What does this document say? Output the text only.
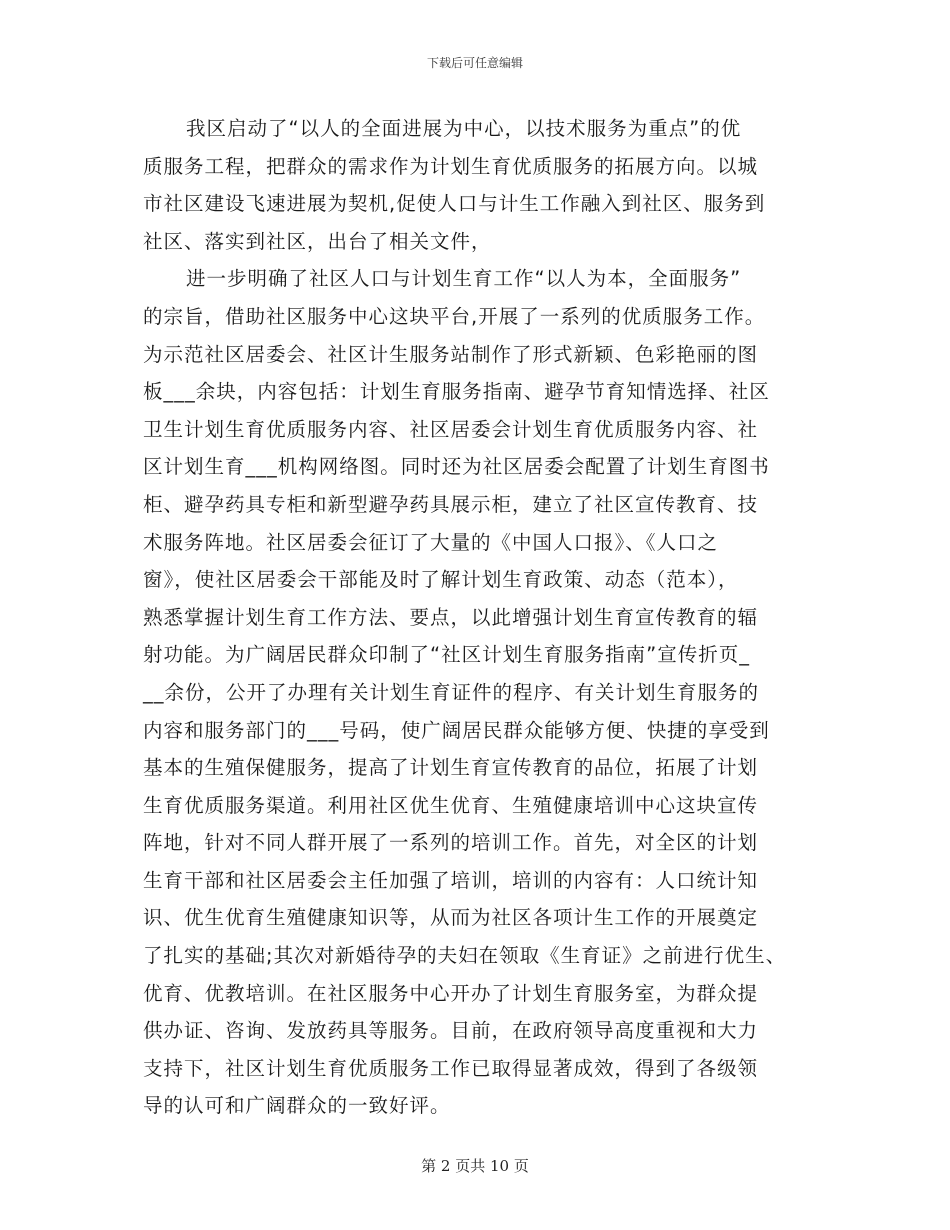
下载后可任意编辑
我区启动了“以人的全面进展为中心，以技术服务为重点”的优
质服务工程，把群众的需求作为计划生育优质服务的拓展方向。以城
市社区建设飞速进展为契机,促使人口与计生工作融入到社区、服务到
社区、落实到社区，出台了相关文件，
进一步明确了社区人口与计划生育工作“以人为本，全面服务”
的宗旨，借助社区服务中心这块平台,开展了一系列的优质服务工作。
为示范社区居委会、社区计生服务站制作了形式新颖、色彩艳丽的图
板___余块，内容包括：计划生育服务指南、避孕节育知情选择、社区
卫生计划生育优质服务内容、社区居委会计划生育优质服务内容、社
区计划生育___机构网络图。同时还为社区居委会配置了计划生育图书
柜、避孕药具专柜和新型避孕药具展示柜，建立了社区宣传教育、技
术服务阵地。社区居委会征订了大量的《中国人口报》、《人口之
窗》，使社区居委会干部能及时了解计划生育政策、动态（范本），
熟悉掌握计划生育工作方法、要点，以此增强计划生育宣传教育的辐
射功能。为广阔居民群众印制了“社区计划生育服务指南”宣传折页_
__余份，公开了办理有关计划生育证件的程序、有关计划生育服务的
内容和服务部门的___号码，使广阔居民群众能够方便、快捷的享受到
基本的生殖保健服务，提高了计划生育宣传教育的品位，拓展了计划
生育优质服务渠道。利用社区优生优育、生殖健康培训中心这块宣传
阵地，针对不同人群开展了一系列的培训工作。首先，对全区的计划
生育干部和社区居委会主任加强了培训，培训的内容有：人口统计知
识、优生优育生殖健康知识等，从而为社区各项计生工作的开展奠定
了扎实的基础;其次对新婚待孕的夫妇在领取《生育证》之前进行优生、
优育、优教培训。在社区服务中心开办了计划生育服务室，为群众提
供办证、咨询、发放药具等服务。目前，在政府领导高度重视和大力
支持下，社区计划生育优质服务工作已取得显著成效，得到了各级领
导的认可和广阔群众的一致好评。
第 2 页共 10 页
